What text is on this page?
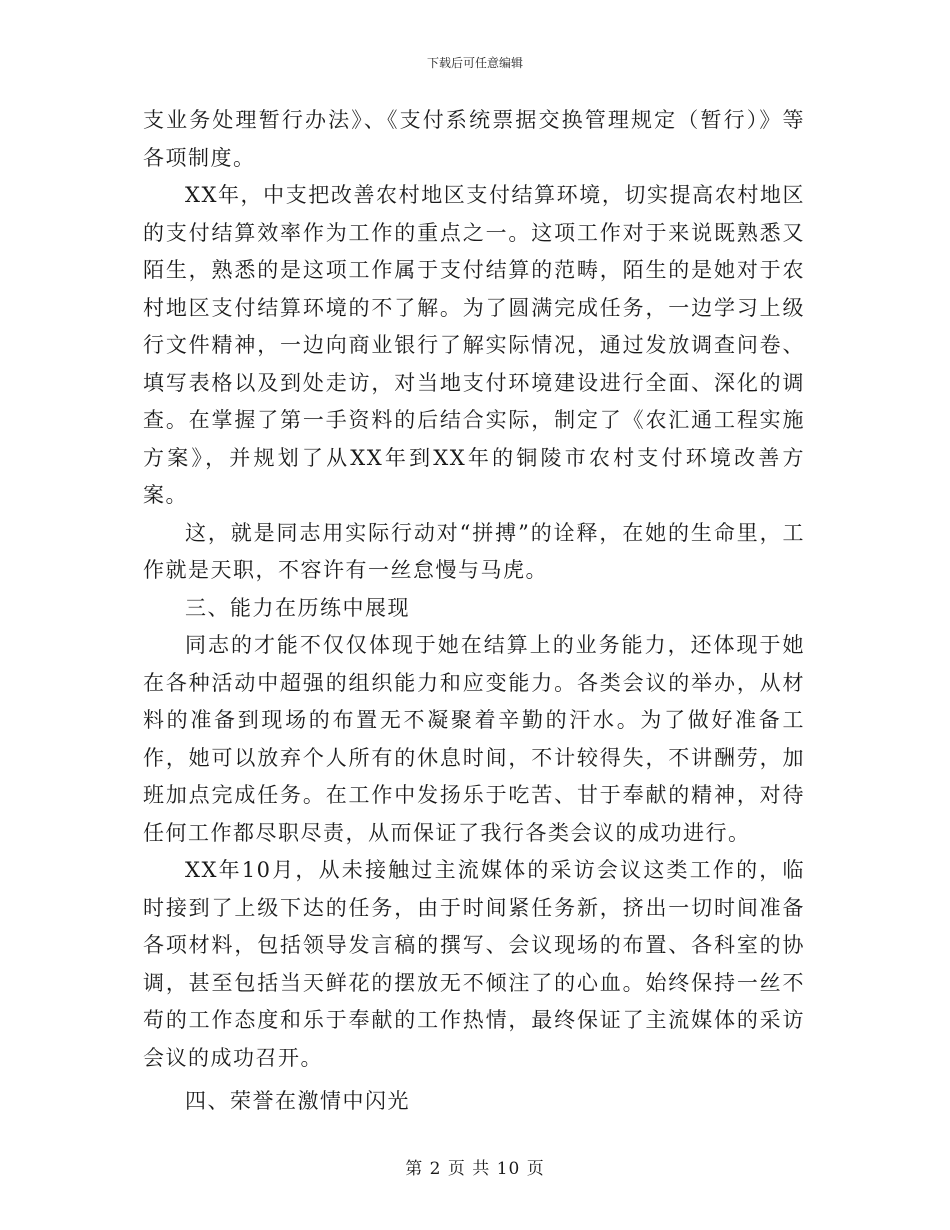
下载后可任意编辑

支业务处理暂行办法》、《支付系统票据交换管理规定（暂行）》等各项制度。

XX年，中支把改善农村地区支付结算环境，切实提高农村地区的支付结算效率作为工作的重点之一。这项工作对于来说既熟悉又陌生，熟悉的是这项工作属于支付结算的范畴，陌生的是她对于农村地区支付结算环境的不了解。为了圆满完成任务，一边学习上级行文件精神，一边向商业银行了解实际情况，通过发放调查问卷、填写表格以及到处走访，对当地支付环境建设进行全面、深化的调查。在掌握了第一手资料的后结合实际，制定了《农汇通工程实施方案》，并规划了从XX年到XX年的铜陵市农村支付环境改善方案。

这，就是同志用实际行动对“拼搏”的诠释，在她的生命里，工作就是天职，不容许有一丝怠慢与马虎。

三、能力在历练中展现

同志的才能不仅仅体现于她在结算上的业务能力，还体现于她在各种活动中超强的组织能力和应变能力。各类会议的举办，从材料的准备到现场的布置无不凝聚着辛勤的汗水。为了做好准备工作，她可以放弃个人所有的休息时间，不计较得失，不讲酬劳，加班加点完成任务。在工作中发扬乐于吃苦、甘于奉献的精神，对待任何工作都尽职尽责，从而保证了我行各类会议的成功进行。

XX年10月，从未接触过主流媒体的采访会议这类工作的，临时接到了上级下达的任务，由于时间紧任务新，挤出一切时间准备各项材料，包括领导发言稿的撰写、会议现场的布置、各科室的协调，甚至包括当天鲜花的摆放无不倾注了的心血。始终保持一丝不苟的工作态度和乐于奉献的工作热情，最终保证了主流媒体的采访会议的成功召开。

四、荣誉在激情中闪光

第 2 页 共 10 页
